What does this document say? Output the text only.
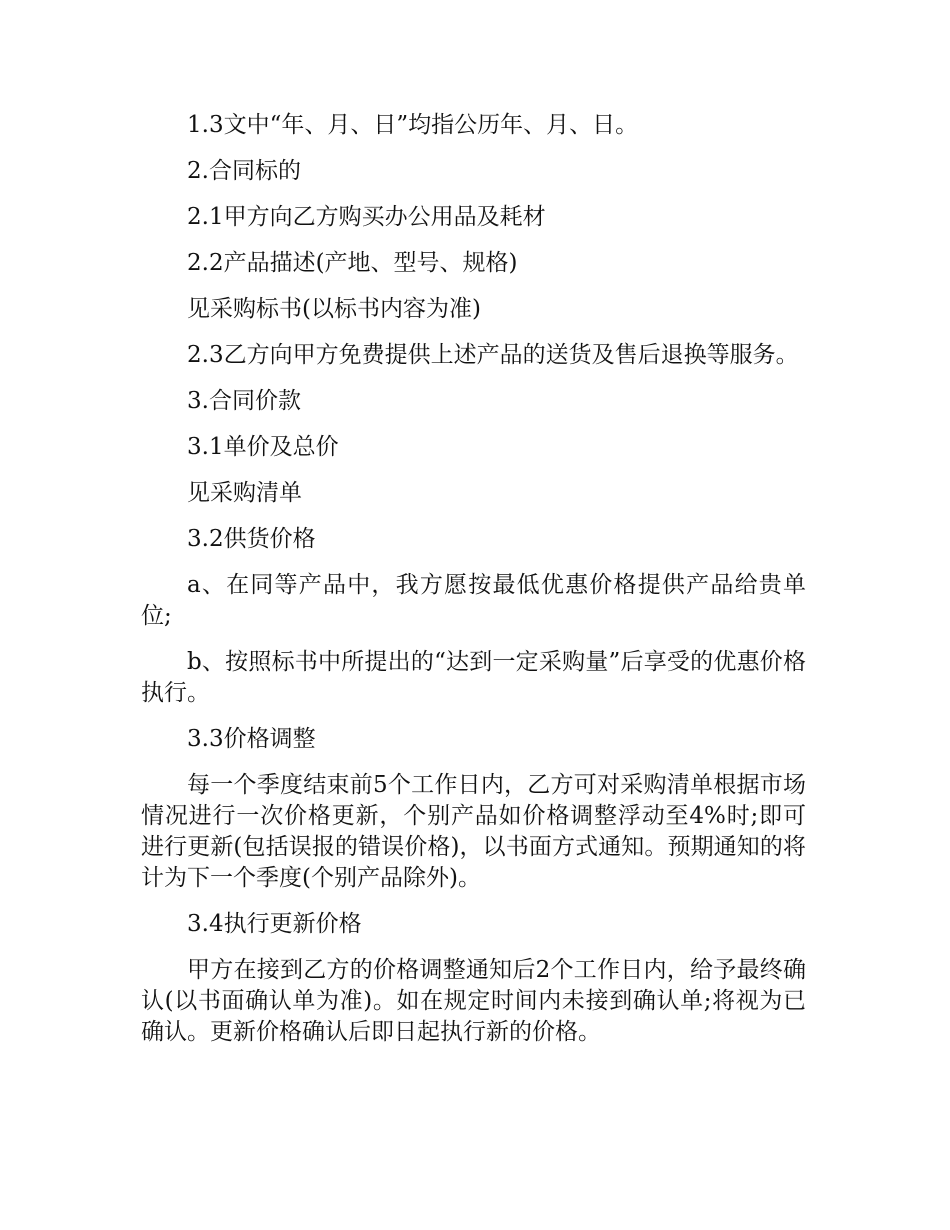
1.3文中“年、月、日”均指公历年、月、日。

2.合同标的

2.1甲方向乙方购买办公用品及耗材

2.2产品描述(产地、型号、规格)

见采购标书(以标书内容为准)

2.3乙方向甲方免费提供上述产品的送货及售后退换等服务。

3.合同价款

3.1单价及总价

见采购清单

3.2供货价格

a、在同等产品中，我方愿按最低优惠价格提供产品给贵单位;

b、按照标书中所提出的“达到一定采购量”后享受的优惠价格执行。

3.3价格调整

每一个季度结束前5个工作日内，乙方可对采购清单根据市场情况进行一次价格更新，个别产品如价格调整浮动至4%时;即可进行更新(包括误报的错误价格)，以书面方式通知。预期通知的将计为下一个季度(个别产品除外)。

3.4执行更新价格

甲方在接到乙方的价格调整通知后2个工作日内，给予最终确认(以书面确认单为准)。如在规定时间内未接到确认单;将视为已确认。更新价格确认后即日起执行新的价格。
